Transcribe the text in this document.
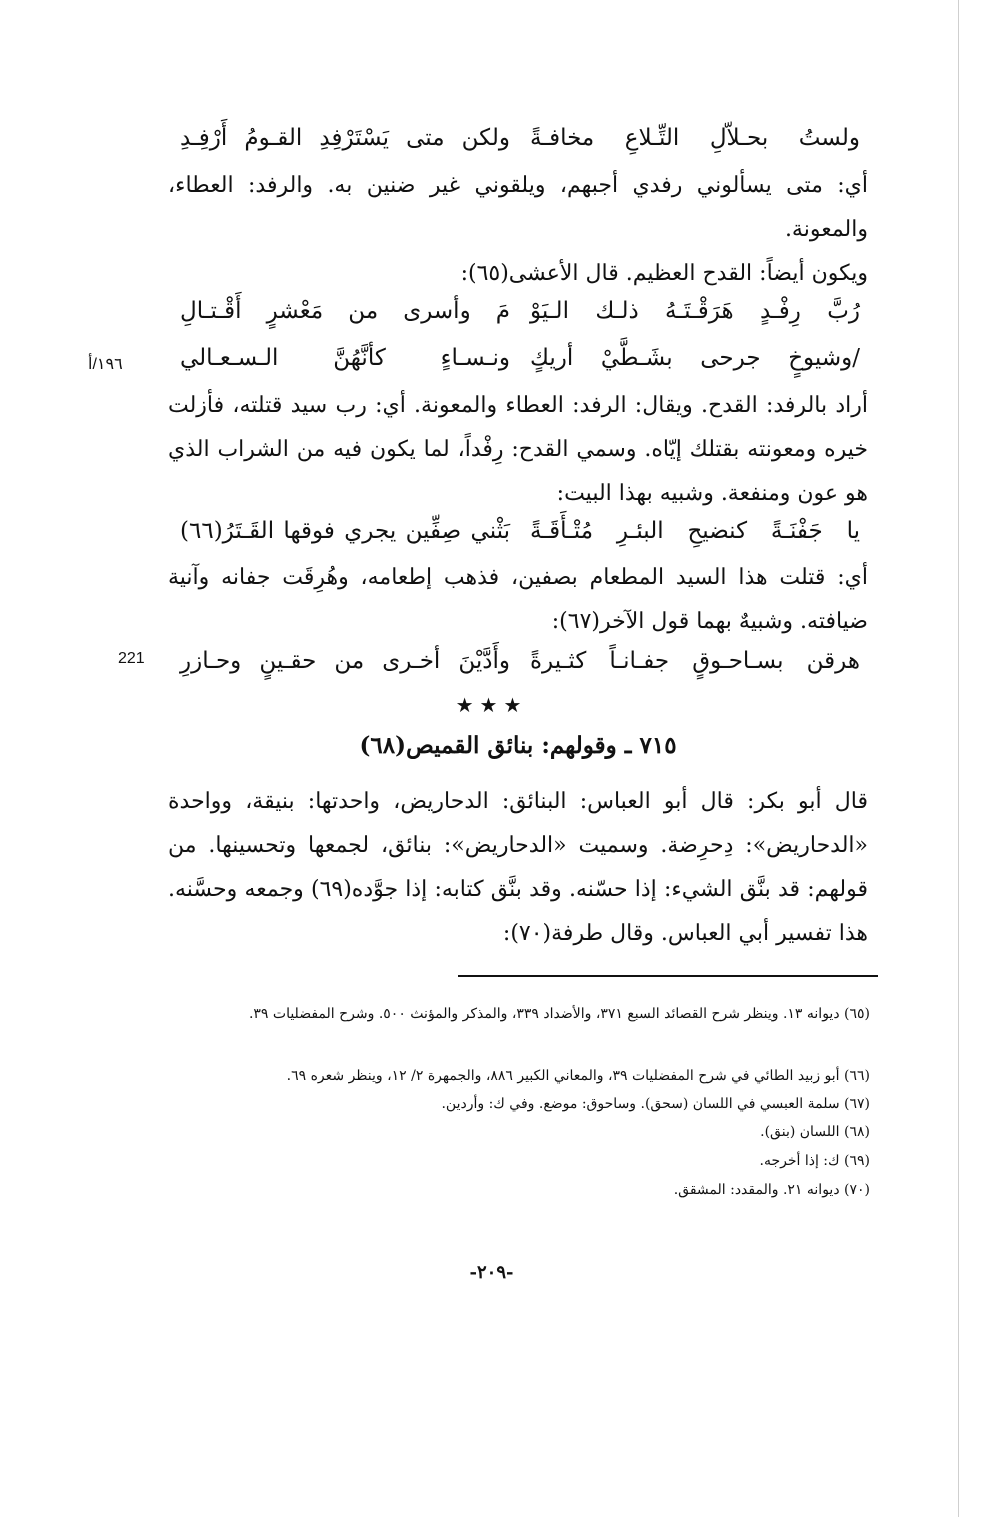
ولستُ بحـلاّلِ التِّـلاعِ مخافـةً
ولكن متى يَسْتَرْفِدِ القـومُ أَرْفِـدِ
أي: متى يسألوني رفدي أجبهم، ويلقوني غير ضنين به. والرفد: العطاء، والمعونة.
ويكون أيضاً: القدح العظيم. قال الأعشى(٦٥):
رُبَّ رِفْـدٍ هَرَقْـتَـهُ ذلـك الـيَوْ
مَ وأسرى من مَعْشرٍ أَقْـتـالِ
/وشيوخٍ جرحى بشَـطَّيْ أريكٍ
ونـسـاءٍ كأنَّهُنَّ الـسـعـالي
١٩٦/أ
أراد بالرفد: القدح. ويقال: الرفد: العطاء والمعونة. أي: رب سيد قتلته، فأزلت خيره ومعونته بقتلك إيّاه. وسمي القدح: رِفْداً، لما يكون فيه من الشراب الذي هو عون ومنفعة. وشبيه بهذا البيت:
يا جَفْنَـةً كنضيحِ البئـرِ مُتْـأَقَـةً
بَثْني صِفِّين يجري فوقها القَـتَرُ(٦٦)
أي: قتلت هذا السيد المطعام بصفين، فذهب إطعامه، وهُرِقَت جفانه وآنية ضيافته. وشبيهٌ بهما قول الآخر(٦٧):
221	هرقن بسـاحـوقٍ جفـانـاً كثـيرةً
وأَدَّيْنَ أخـرى من حقـينٍ وحـازرِ
★★★
٧١٥ ـ وقولهم: بنائق القميص(٦٨)
قال أبو بكر: قال أبو العباس: البنائق: الدحاريض، واحدتها: بنيقة، وواحدة «الدحاريض»: دِحرِضة. وسميت «الدحاريض»: بنائق، لجمعها وتحسينها. من قولهم: قد بنَّق الشيء: إذا حسّنه. وقد بنَّق كتابه: إذا جوَّده(٦٩) وجمعه وحسَّنه. هذا تفسير أبي العباس. وقال طرفة(٧٠):
(٦٥) ديوانه ١٣. وينظر شرح القصائد السبع ٣٧١، والأضداد ٣٣٩، والمذكر والمؤنث ٥٠٠. وشرح المفضليات ٣٩.
(٦٦) أبو زبيد الطائي في شرح المفضليات ٣٩، والمعاني الكبير ٨٨٦، والجمهرة ٢/ ١٢، وينظر شعره ٦٩.
(٦٧) سلمة العبسي في اللسان (سحق). وساحوق: موضع. وفي ك: وأردين.
(٦٨) اللسان (بنق).
(٦٩) ك: إذا أخرجه.
(٧٠) ديوانه ٢١. والمقدد: المشقق.
-٢٠٩-
